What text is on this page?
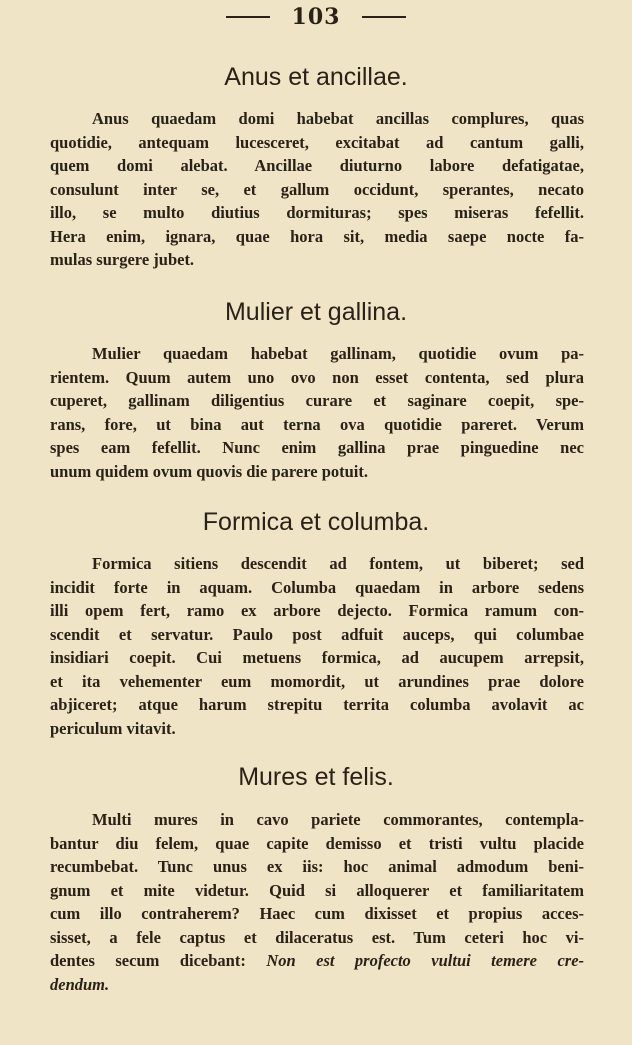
103
Anus et ancillae.

Anus quaedam domi habebat ancillas complures, quas
quotidie, antequam lucesceret, excitabat ad cantum galli,
quem domi alebat. Ancillae diuturno labore defatigatae,
consulunt inter se, et gallum occidunt, sperantes, necato
illo, se multo diutius dormituras; spes miseras fefellit.
Hera enim, ignara, quae hora sit, media saepe nocte fa-
mulas surgere jubet.

Mulier et gallina.

Mulier quaedam habebat gallinam, quotidie ovum pa-
rientem. Quum autem uno ovo non esset contenta, sed plura
cuperet, gallinam diligentius curare et saginare coepit, spe-
rans, fore, ut bina aut terna ova quotidie pareret. Verum
spes eam fefellit. Nunc enim gallina prae pinguedine nec
unum quidem ovum quovis die parere potuit.

Formica et columba.

Formica sitiens descendit ad fontem, ut biberet; sed
incidit forte in aquam. Columba quaedam in arbore sedens
illi opem fert, ramo ex arbore dejecto. Formica ramum con-
scendit et servatur. Paulo post adfuit auceps, qui columbae
insidiari coepit. Cui metuens formica, ad aucupem arrepsit,
et ita vehementer eum momordit, ut arundines prae dolore
abjiceret; atque harum strepitu territa columba avolavit ac
periculum vitavit.

Mures et felis.

Multi mures in cavo pariete commorantes, contempla-
bantur diu felem, quae capite demisso et tristi vultu placide
recumbebat. Tunc unus ex iis: hoc animal admodum beni-
gnum et mite videtur. Quid si alloquerer et familiaritatem
cum illo contraherem? Haec cum dixisset et propius acces-
sisset, a fele captus et dilaceratus est. Tum ceteri hoc vi-
dentes secum dicebant: Non est profecto vultui temere cre-
dendum.
